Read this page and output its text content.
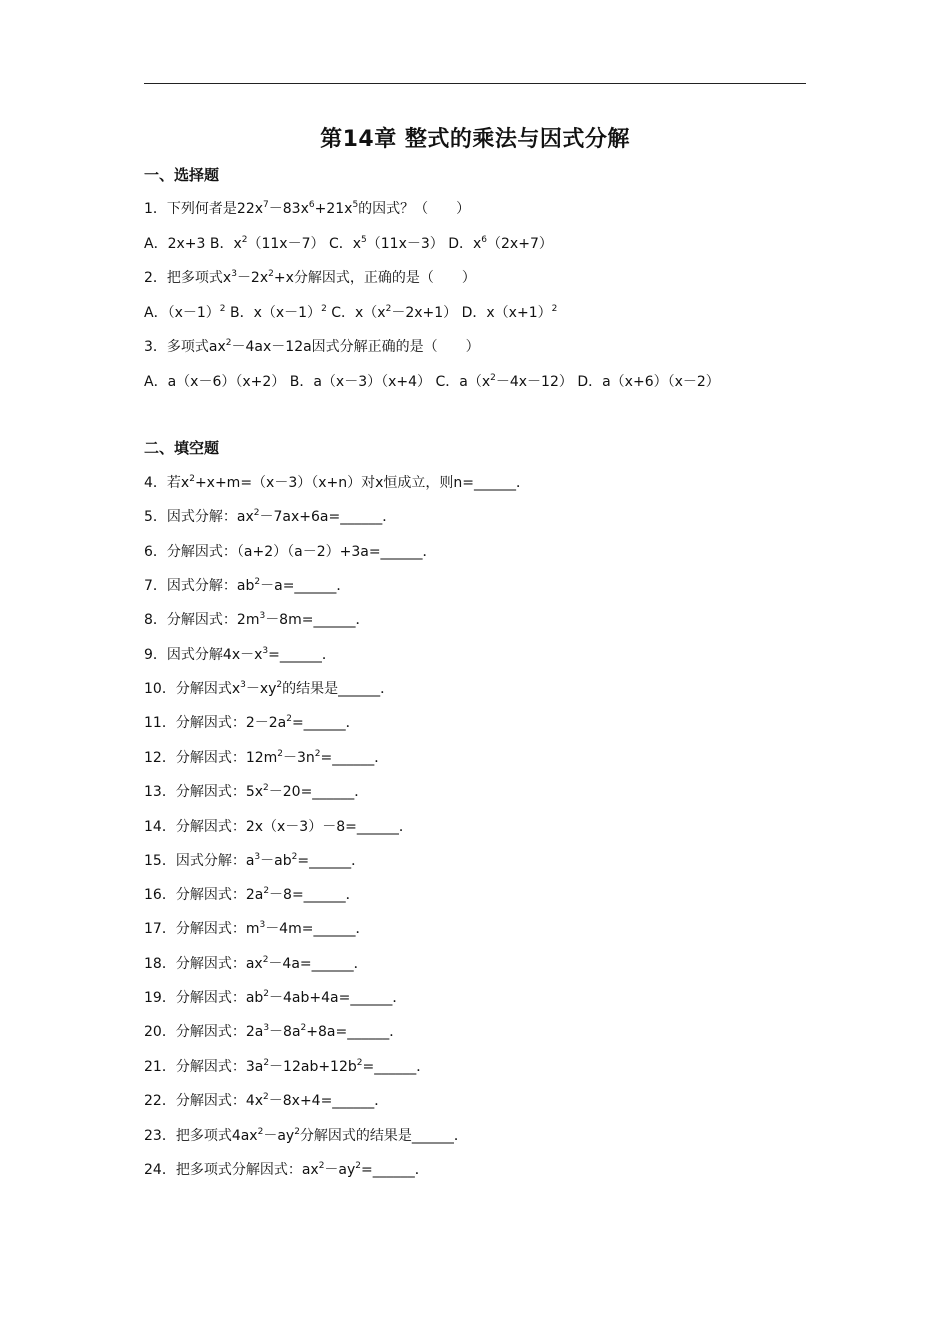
第14章 整式的乘法与因式分解
一、选择题
二、填空题
1．下列何者是$22x^7-83x^6+21x^5$的因式？（　　）
A．2x+3 B．$x^2(11x-7)$ C．$x^5(11x-3)$ D．$x^6(2x+7)$
2．把多项式$x^3-2x^2+x$分解因式，正确的是（　　）
A．$(x-1)^2$ B．$x(x-1)^2$ C．$x(x^2-2x+1)$ D．$x(x+1)^2$
3．多项式$ax^2-4ax-12a$因式分解正确的是（　　）
A．a（x－6）（x+2） B．a（x－3）（x+4） C．$a(x^2-4x-12)$ D．a（x+6）（x－2）
4．若$x^2+x+m=(x-3)(x+n)$对x恒成立，则n=______．
5．因式分解：$ax^2-7ax+6a=\_\_\_\_\_\_$．
6．分解因式：（a+2）（a－2）+3a=______．
7．因式分解：$ab^2-a=\_\_\_\_\_\_$．
8．分解因式：$2m^3-8m=\_\_\_\_\_\_$．
9．因式分解$4x-x^3=\_\_\_\_\_\_$．
10．分解因式$x^3-xy^2$的结果是______．
11．分解因式：$2-2a^2=\_\_\_\_\_\_$．
12．分解因式：$12m^2-3n^2=\_\_\_\_\_\_$．
13．分解因式：$5x^2-20=\_\_\_\_\_\_$．
14．分解因式：2x（x－3）－8=______．
15．因式分解：$a^3-ab^2=\_\_\_\_\_\_$．
16．分解因式：$2a^2-8=\_\_\_\_\_\_$．
17．分解因式：$m^3-4m=\_\_\_\_\_\_$．
18．分解因式：$ax^2-4a=\_\_\_\_\_\_$．
19．分解因式：$ab^2-4ab+4a=\_\_\_\_\_\_$．
20．分解因式：$2a^3-8a^2+8a=\_\_\_\_\_\_$．
21．分解因式：$3a^2-12ab+12b^2=\_\_\_\_\_\_$．
22．分解因式：$4x^2-8x+4=\_\_\_\_\_\_$．
23．把多项式$4ax^2-ay^2$分解因式的结果是______．
24．把多项式分解因式：$ax^2-ay^2=\_\_\_\_\_\_$．
